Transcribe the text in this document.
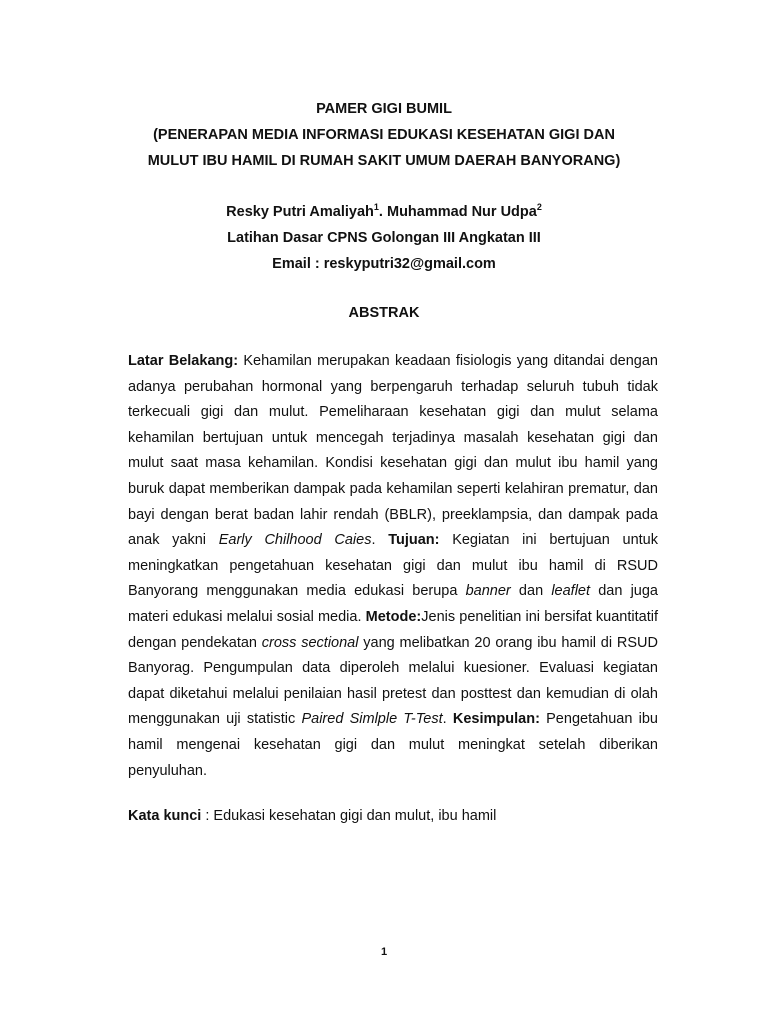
PAMER GIGI BUMIL
(PENERAPAN MEDIA INFORMASI EDUKASI KESEHATAN GIGI DAN
MULUT IBU HAMIL DI RUMAH SAKIT UMUM DAERAH BANYORANG)
Resky Putri Amaliyah$^1$. Muhammad Nur Udpa$^2$
Latihan Dasar CPNS Golongan III Angkatan III
Email : reskyputri32@gmail.com
ABSTRAK
Latar Belakang: Kehamilan merupakan keadaan fisiologis yang ditandai dengan adanya perubahan hormonal yang berpengaruh terhadap seluruh tubuh tidak terkecuali gigi dan mulut. Pemeliharaan kesehatan gigi dan mulut selama kehamilan bertujuan untuk mencegah terjadinya masalah kesehatan gigi dan mulut saat masa kehamilan. Kondisi kesehatan gigi dan mulut ibu hamil yang buruk dapat memberikan dampak pada kehamilan seperti kelahiran prematur, dan bayi dengan berat badan lahir rendah (BBLR), preeklampsia, dan dampak pada anak yakni Early Chilhood Caies. Tujuan: Kegiatan ini bertujuan untuk meningkatkan pengetahuan kesehatan gigi dan mulut ibu hamil di RSUD Banyorang menggunakan media edukasi berupa banner dan leaflet dan juga materi edukasi melalui sosial media. Metode:Jenis penelitian ini bersifat kuantitatif dengan pendekatan cross sectional yang melibatkan 20 orang ibu hamil di RSUD Banyorag. Pengumpulan data diperoleh melalui kuesioner. Evaluasi kegiatan dapat diketahui melalui penilaian hasil pretest dan posttest dan kemudian di olah menggunakan uji statistic Paired Simlple T-Test. Kesimpulan: Pengetahuan ibu hamil mengenai kesehatan gigi dan mulut meningkat setelah diberikan penyuluhan.
Kata kunci : Edukasi kesehatan gigi dan mulut, ibu hamil
1
